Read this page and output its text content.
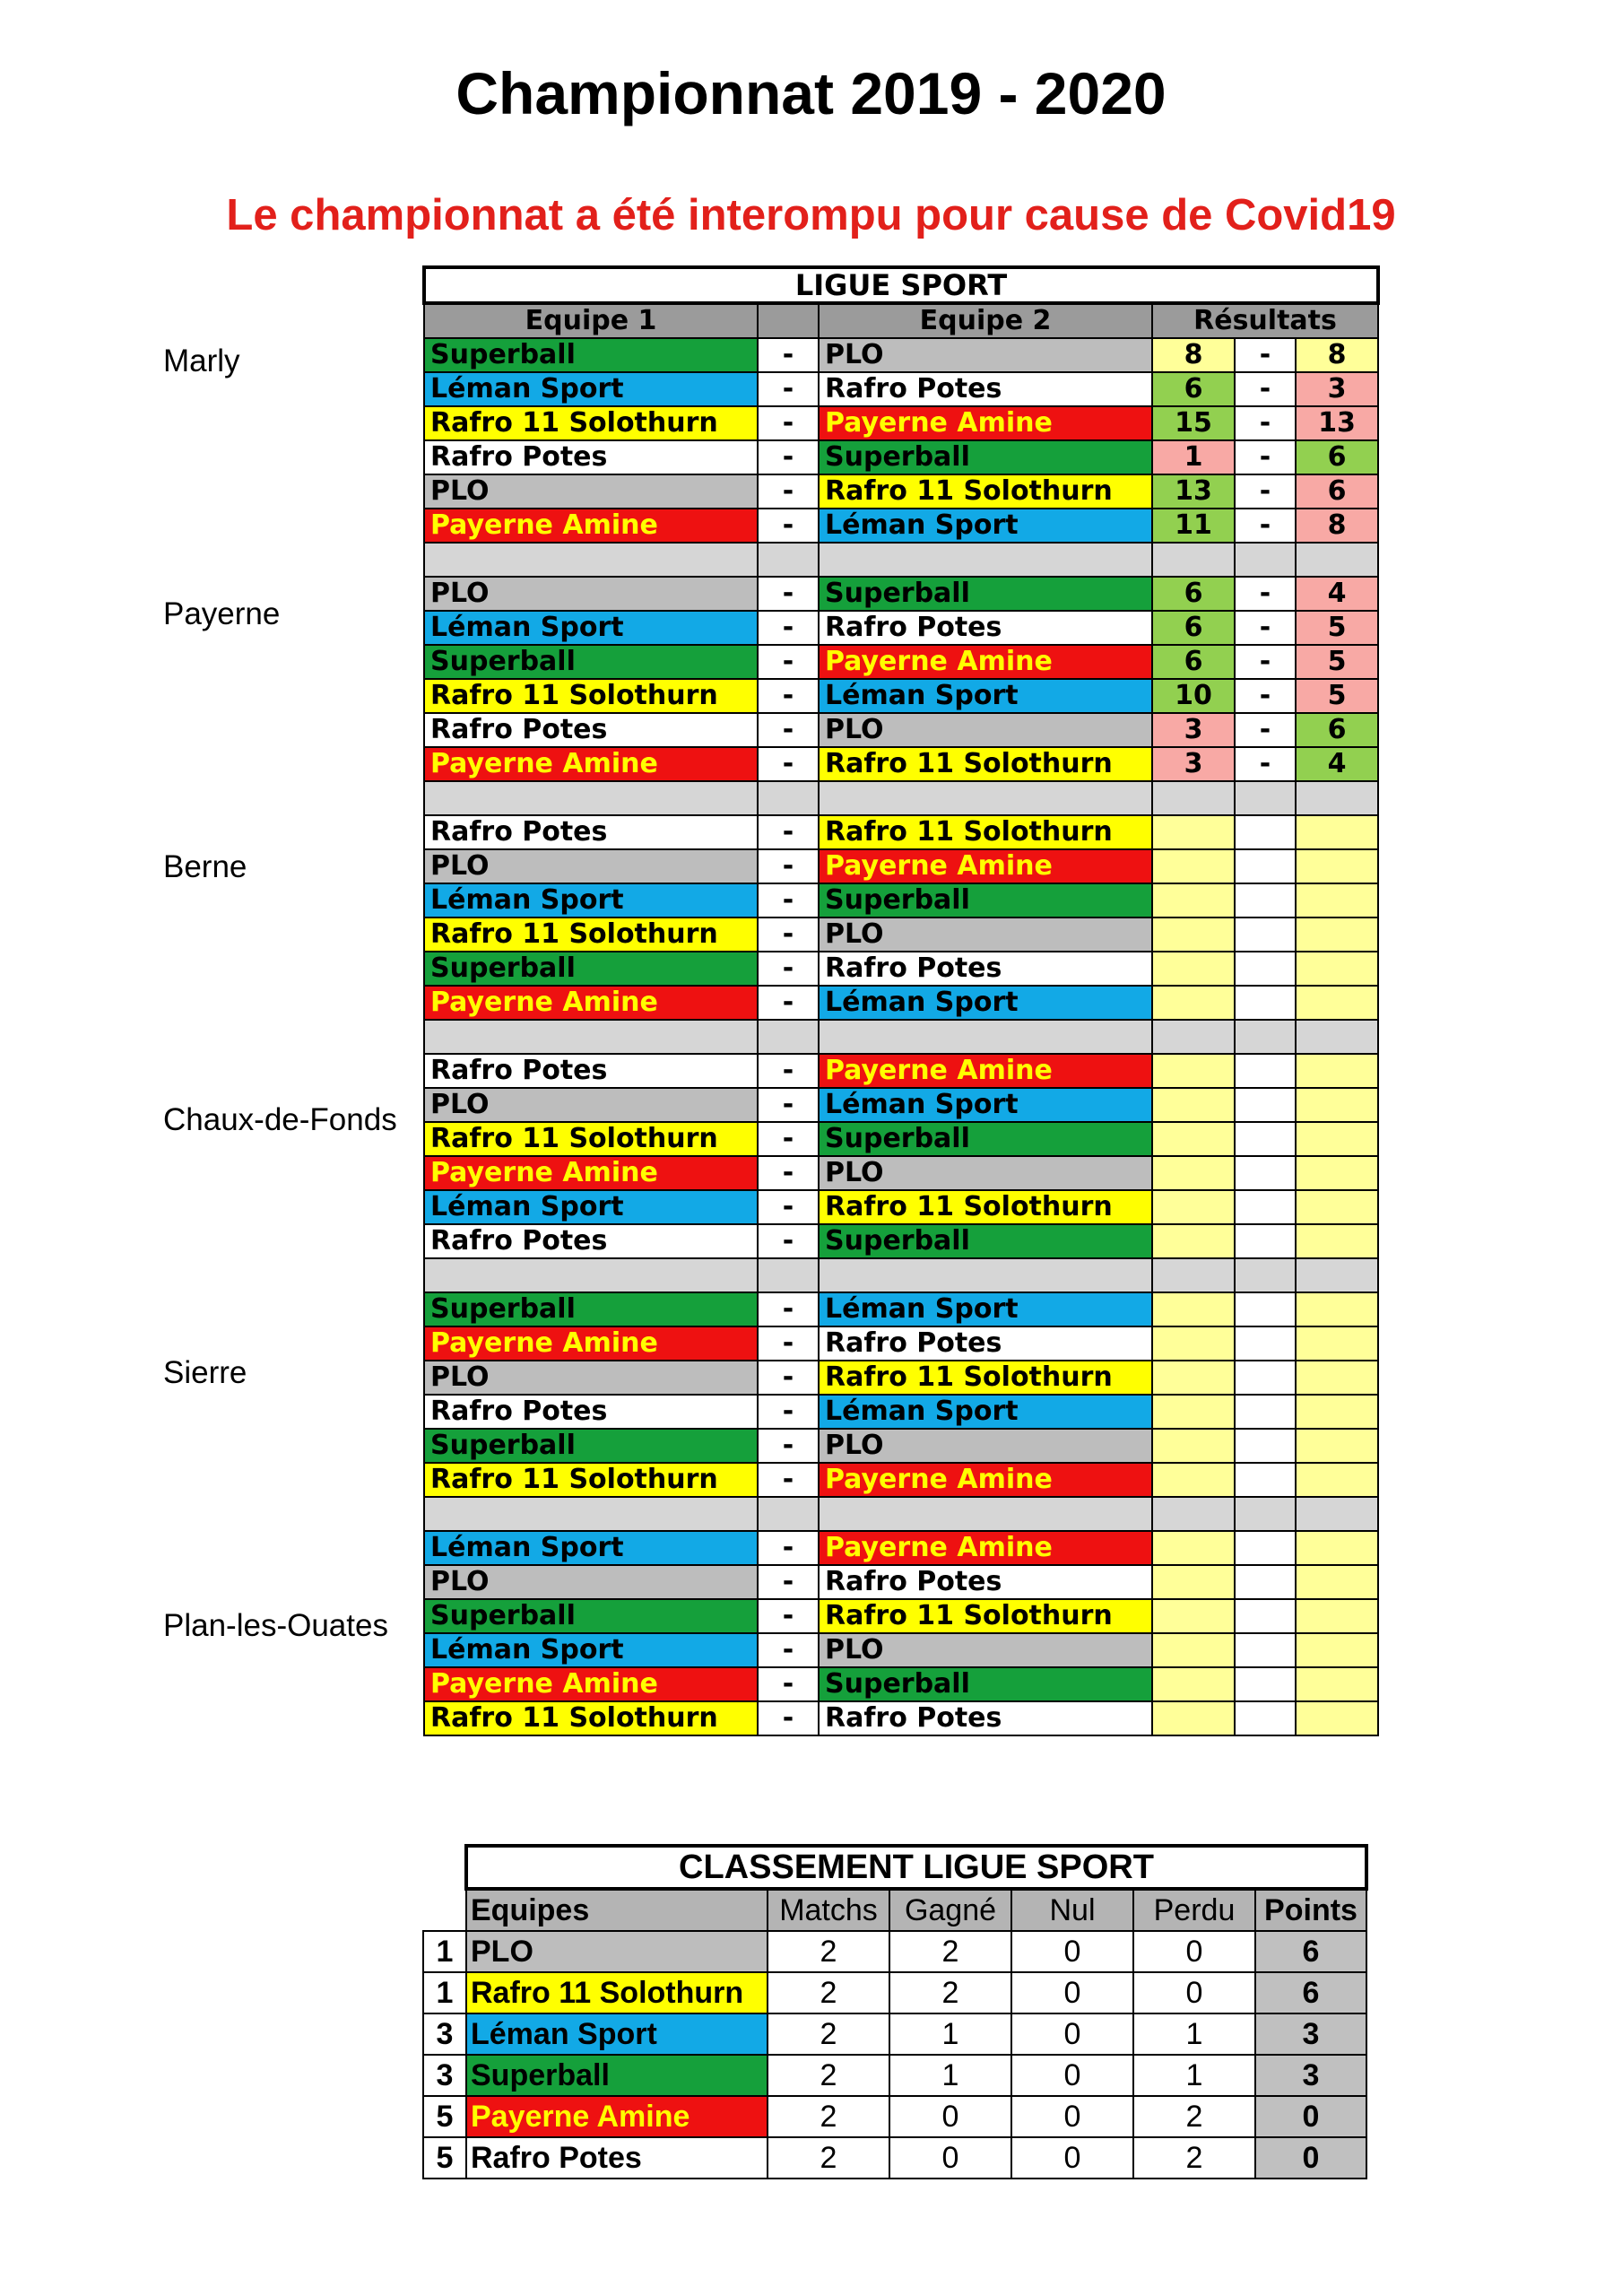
Championnat 2019 - 2020
Le championnat a été interompu pour cause de Covid19
Marly
Payerne
Berne
Chaux-de-Fonds
Sierre
Plan-les-Ouates
LIGUE SPORT					
Equipe 1		Equipe 2	Résultats		
Superball	-	PLO	8	-	8
Léman Sport	-	Rafro Potes	6	-	3
Rafro 11 Solothurn	-	Payerne Amine	15	-	13
Rafro Potes	-	Superball	1	-	6
PLO	-	Rafro 11 Solothurn	13	-	6
Payerne Amine	-	Léman Sport	11	-	8

PLO	-	Superball	6	-	4
Léman Sport	-	Rafro Potes	6	-	5
Superball	-	Payerne Amine	6	-	5
Rafro 11 Solothurn	-	Léman Sport	10	-	5
Rafro Potes	-	PLO	3	-	6
Payerne Amine	-	Rafro 11 Solothurn	3	-	4

Rafro Potes	-	Rafro 11 Solothurn			
PLO	-	Payerne Amine			
Léman Sport	-	Superball			
Rafro 11 Solothurn	-	PLO			
Superball	-	Rafro Potes			
Payerne Amine	-	Léman Sport			

Rafro Potes	-	Payerne Amine			
PLO	-	Léman Sport			
Rafro 11 Solothurn	-	Superball			
Payerne Amine	-	PLO			
Léman Sport	-	Rafro 11 Solothurn			
Rafro Potes	-	Superball			

Superball	-	Léman Sport			
Payerne Amine	-	Rafro Potes			
PLO	-	Rafro 11 Solothurn			
Rafro Potes	-	Léman Sport			
Superball	-	PLO			
Rafro 11 Solothurn	-	Payerne Amine			

Léman Sport	-	Payerne Amine			
PLO	-	Rafro Potes			
Superball	-	Rafro 11 Solothurn			
Léman Sport	-	PLO			
Payerne Amine	-	Superball			
Rafro 11 Solothurn	-	Rafro Potes			
	CLASSEMENT LIGUE SPORT					
	Equipes	Matchs	Gagné	Nul	Perdu	Points
1	PLO	2	2	0	0	6
1	Rafro 11 Solothurn	2	2	0	0	6
3	Léman Sport	2	1	0	1	3
3	Superball	2	1	0	1	3
5	Payerne Amine	2	0	0	2	0
5	Rafro Potes	2	0	0	2	0
